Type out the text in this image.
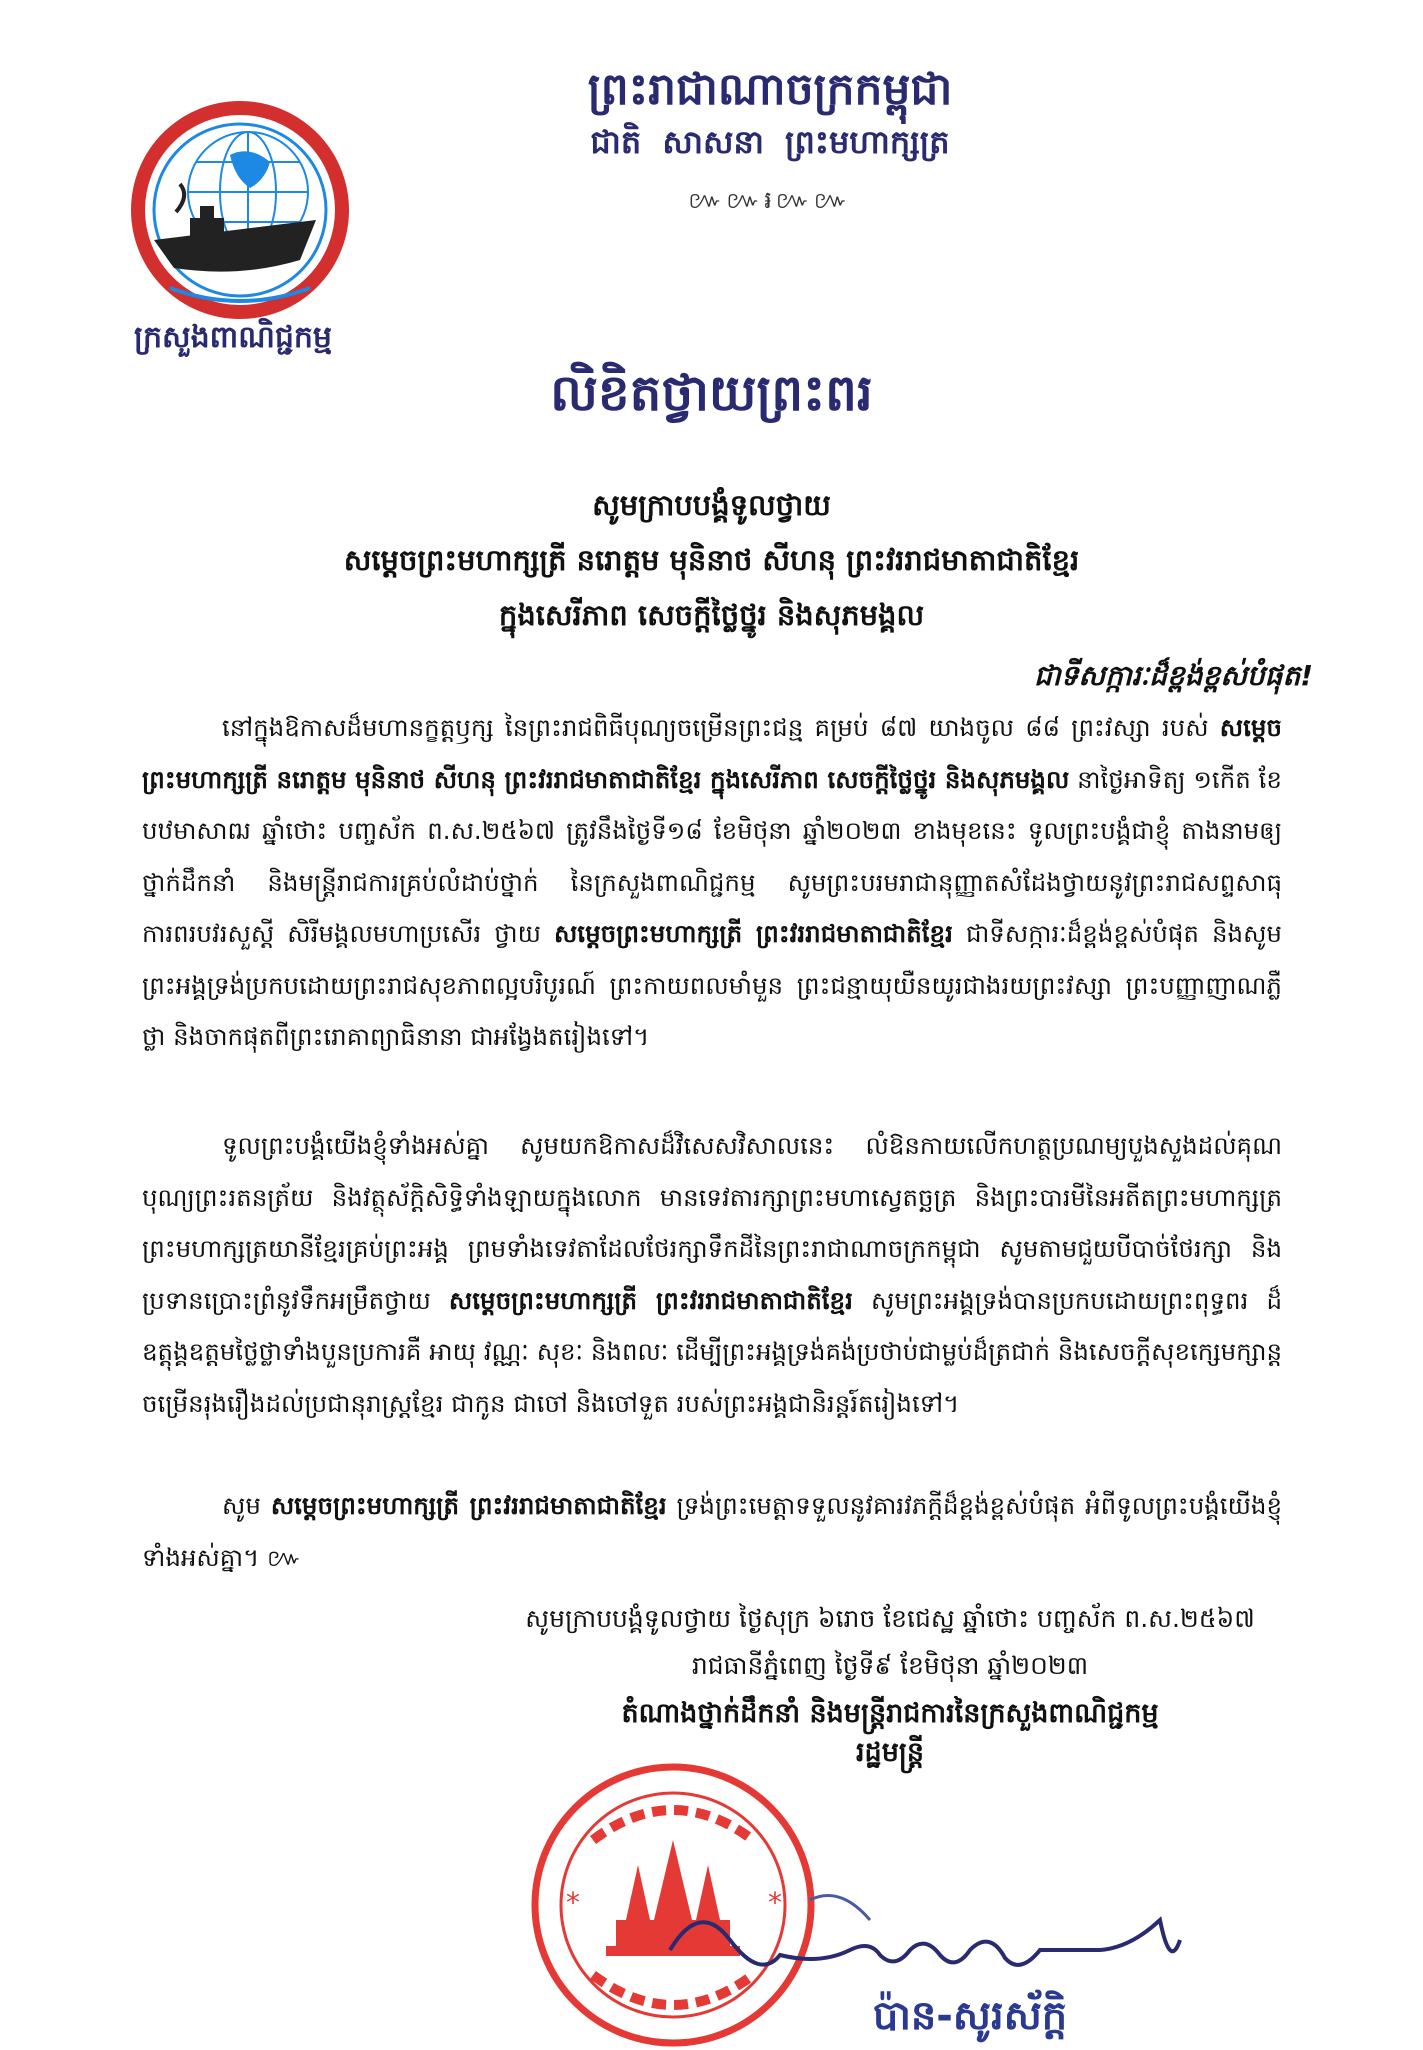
ព្រះរាជាណាចក្រកម្ពុជា
ជាតិ សាសនា ព្រះមហាក្សត្រ
៚៚៛៚៚
ក្រសួងពាណិជ្ជកម្ម
លិខិតថ្វាយព្រះពរ
សូមក្រាបបង្គំទូលថ្វាយ
សម្តេចព្រះមហាក្សត្រី នរោត្តម មុនិនាថ សីហនុ ព្រះវររាជមាតាជាតិខ្មែរ
ក្នុងសេរីភាព សេចក្តីថ្លៃថ្នូរ និងសុភមង្គល
ជាទីសក្ការៈដ៏ខ្ពង់ខ្ពស់បំផុត!
នៅក្នុងឱកាសដ៏មហានក្ខត្តឫក្ស នៃព្រះរាជពិធីបុណ្យចម្រើនព្រះជន្ម គម្រប់ ៨៧ យាងចូល ៨៨ ព្រះវស្សា របស់ សម្តេចព្រះមហាក្សត្រី នរោត្តម មុនិនាថ សីហនុ ព្រះវររាជមាតាជាតិខ្មែរ ក្នុងសេរីភាព សេចក្តីថ្លៃថ្នូរ និងសុភមង្គល នាថ្ងៃអាទិត្យ ១កើត ខែបឋមាសាឍ ឆ្នាំថោះ បញ្ចស័ក ព.ស.២៥៦៧ ត្រូវនឹងថ្ងៃទី១៨ ខែមិថុនា ឆ្នាំ២០២៣ ខាងមុខនេះ ទូលព្រះបង្គំជាខ្ញុំ តាងនាមឲ្យថ្នាក់ដឹកនាំ និងមន្ត្រីរាជការគ្រប់លំដាប់ថ្នាក់ នៃក្រសួងពាណិជ្ជកម្ម សូមព្រះបរមរាជានុញ្ញាតសំដែងថ្វាយនូវព្រះរាជសព្ទសាធុការពរបវរសួស្តី សិរីមង្គលមហាប្រសើរ ថ្វាយ សម្តេចព្រះមហាក្សត្រី ព្រះវររាជមាតាជាតិខ្មែរ ជាទីសក្ការៈដ៏ខ្ពង់ខ្ពស់បំផុត និងសូមព្រះអង្គទ្រង់ប្រកបដោយព្រះរាជសុខភាពល្អបរិបូរណ៍ ព្រះកាយពលមាំមួន ព្រះជន្មាយុយឺនយូរជាងរយព្រះវស្សា ព្រះបញ្ញាញាណភ្លឺថ្លា និងចាកផុតពីព្រះរោគាព្យាធិនានា ជាអង្វែងតរៀងទៅ។
ទូលព្រះបង្គំយើងខ្ញុំទាំងអស់គ្នា សូមយកឱកាសដ៏វិសេសវិសាលនេះ លំឱនកាយលើកហត្ថប្រណម្យបួងសួងដល់គុណបុណ្យព្រះរតនត្រ័យ និងវត្ថុស័ក្តិសិទ្ធិទាំងឡាយក្នុងលោក មានទេវតារក្សាព្រះមហាស្វេតច្ឆត្រ និងព្រះបារមីនៃអតីតព្រះមហាក្សត្រ ព្រះមហាក្សត្រយានីខ្មែរគ្រប់ព្រះអង្គ ព្រមទាំងទេវតាដែលថែរក្សាទឹកដីនៃព្រះរាជាណាចក្រកម្ពុជា សូមតាមជួយបីបាច់ថែរក្សា និងប្រទានប្រោះព្រំនូវទឹកអម្រឹតថ្វាយ សម្តេចព្រះមហាក្សត្រី ព្រះវររាជមាតាជាតិខ្មែរ សូមព្រះអង្គទ្រង់បានប្រកបដោយព្រះពុទ្ធពរ ដ៏ឧត្តុង្គឧត្តមថ្លៃថ្លាទាំងបួនប្រការគឺ អាយុ វណ្ណៈ សុខៈ និងពលៈ ដើម្បីព្រះអង្គទ្រង់គង់ប្រថាប់ជាម្លប់ដ៏ត្រជាក់ និងសេចក្តីសុខក្សេមក្សាន្ត ចម្រើនរុងរឿងដល់ប្រជានុរាស្ត្រខ្មែរ ជាកូន ជាចៅ និងចៅទួត របស់ព្រះអង្គជានិរន្តរ៍តរៀងទៅ។
សូម សម្តេចព្រះមហាក្សត្រី ព្រះវររាជមាតាជាតិខ្មែរ ទ្រង់ព្រះមេត្តាទទួលនូវគារវភក្តីដ៏ខ្ពង់ខ្ពស់បំផុត អំពីទូលព្រះបង្គំយើងខ្ញុំទាំងអស់គ្នា។ ៚
សូមក្រាបបង្គំទូលថ្វាយ ថ្ងៃសុក្រ ៦រោច ខែជេស្ឋ ឆ្នាំថោះ បញ្ចស័ក ព.ស.២៥៦៧
រាជធានីភ្នំពេញ ថ្ងៃទី៩ ខែមិថុនា ឆ្នាំ២០២៣
តំណាងថ្នាក់ដឹកនាំ និងមន្ត្រីរាជការនៃក្រសួងពាណិជ្ជកម្ម
រដ្ឋមន្ត្រី
*	*
ប៉ាន-សូរស័ក្តិ
